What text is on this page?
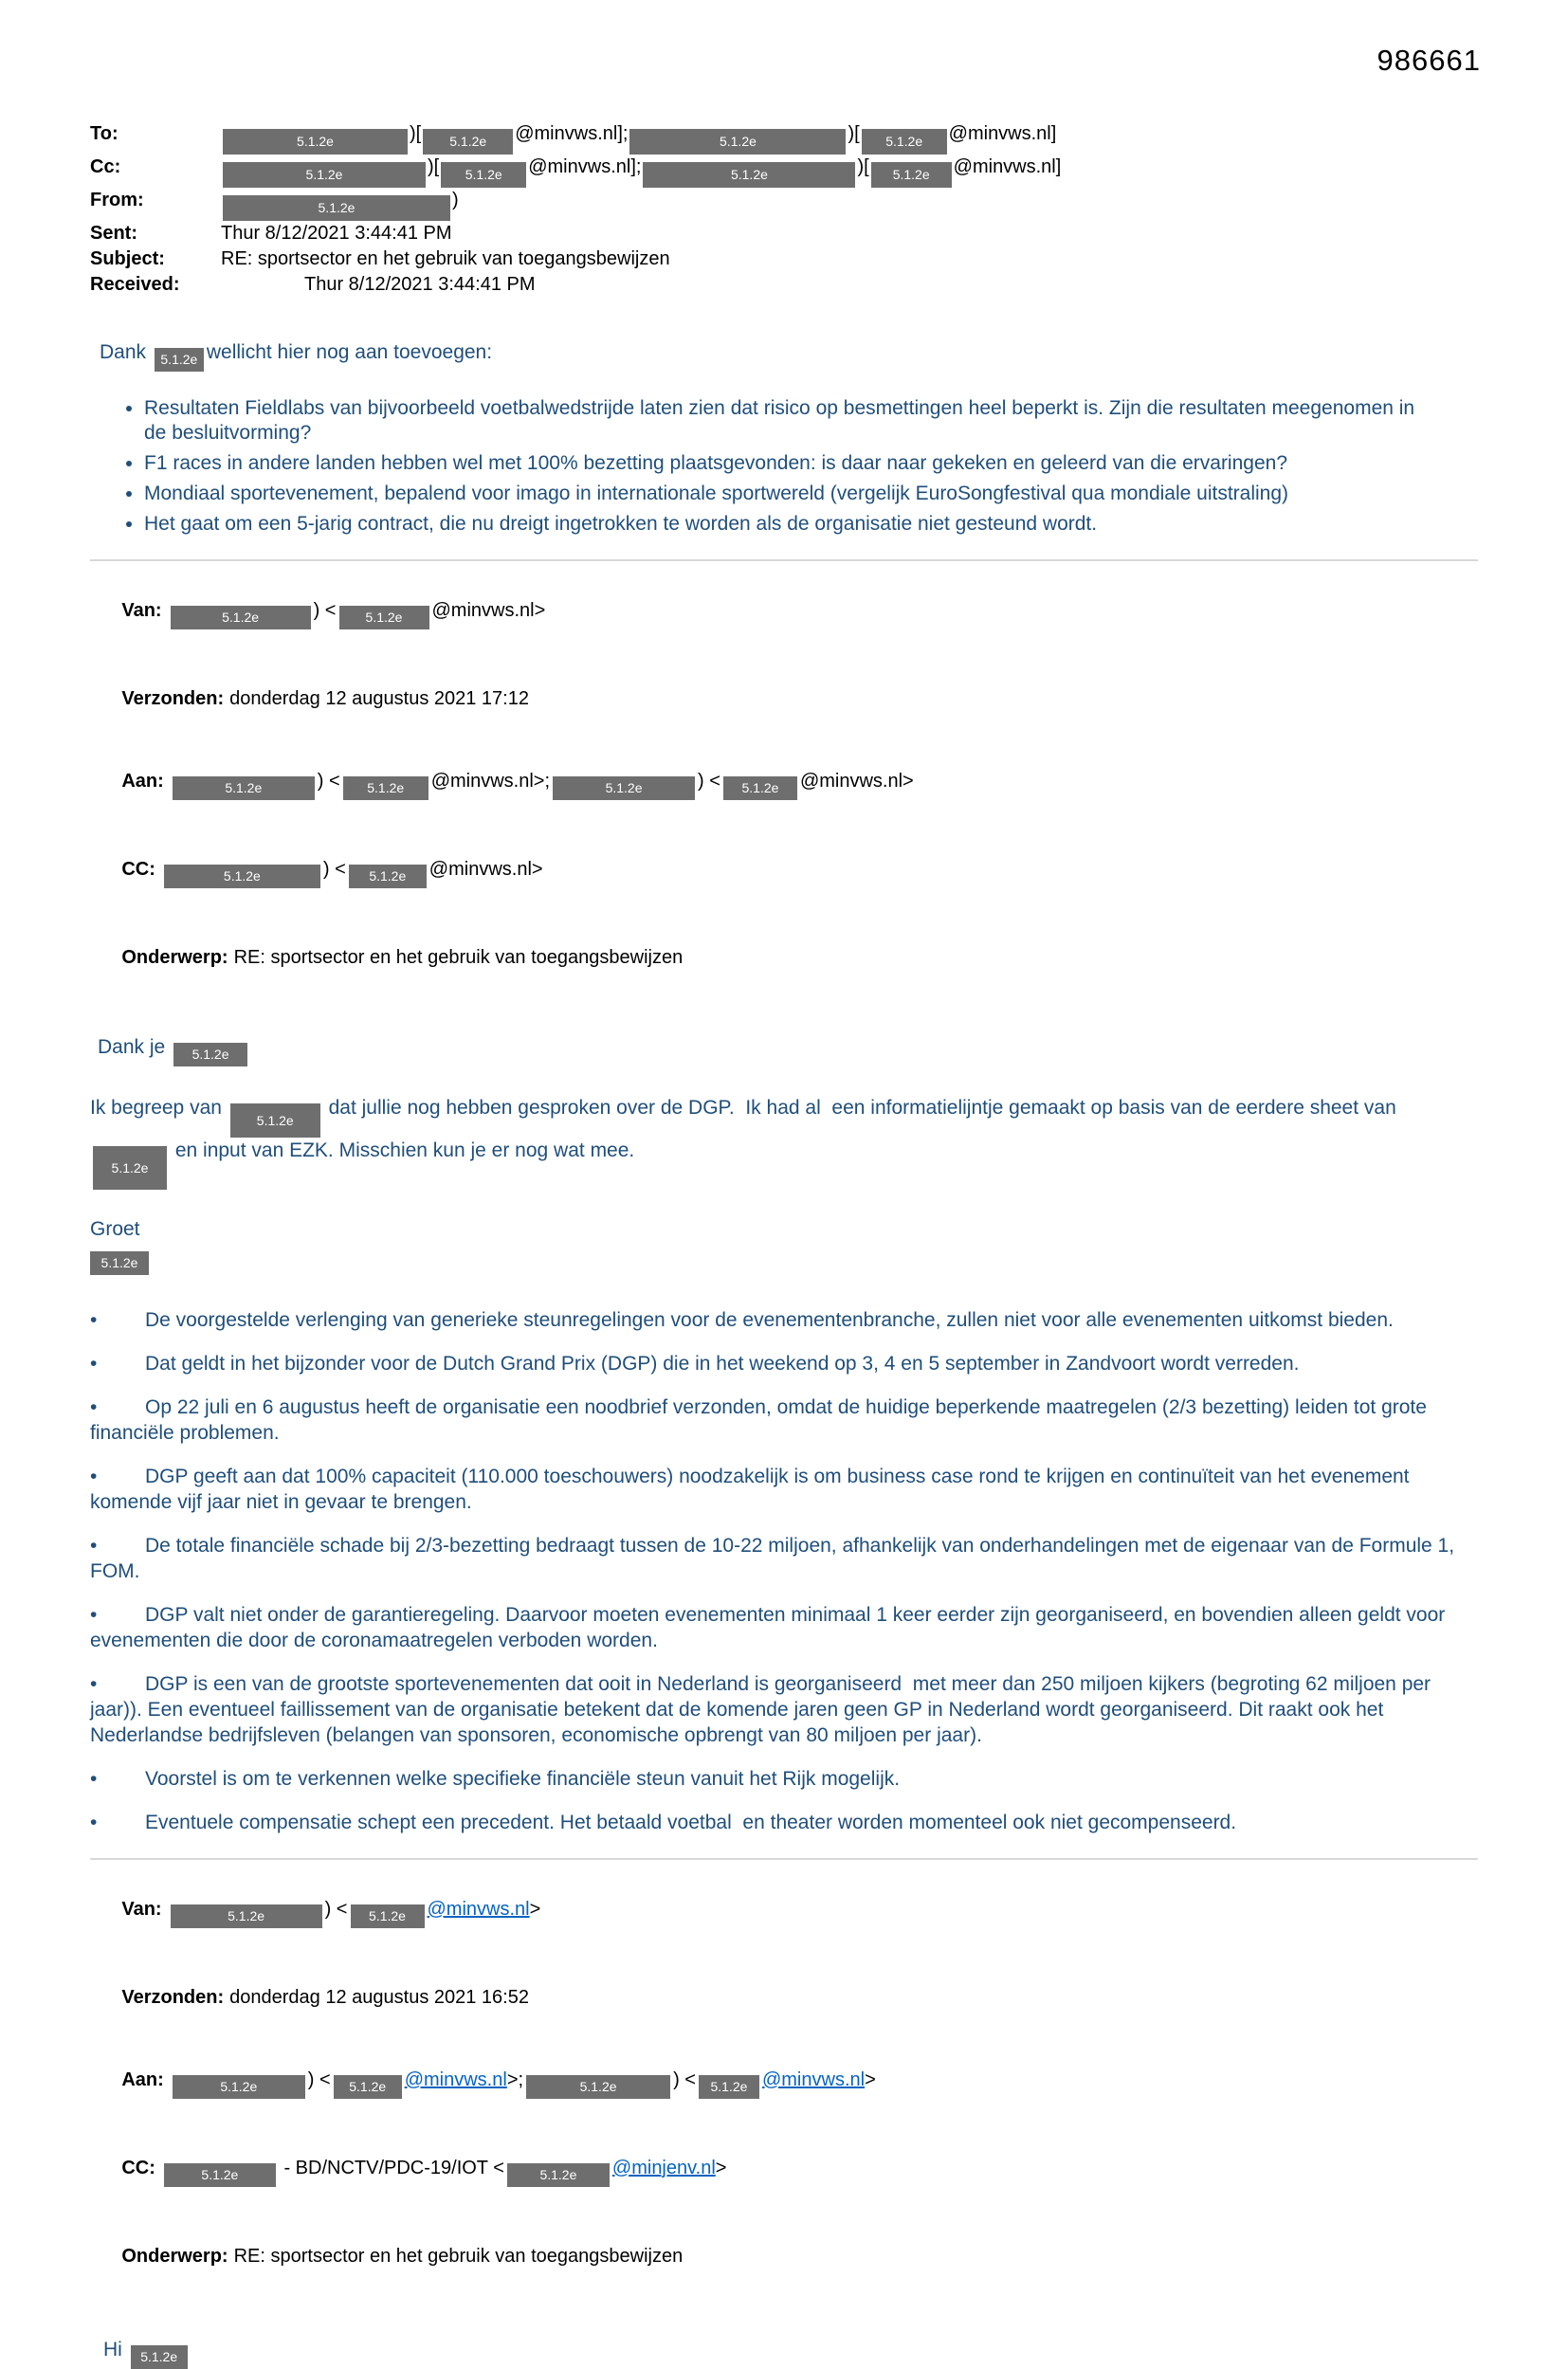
986661
To:	5.1.2e	)[ 5.1.2e @minvws.nl];	5.1.2e	)[ 5.1.2e @minvws.nl]
Cc:	5.1.2e	)[ 5.1.2e @minvws.nl];	5.1.2e	)[ 5.1.2e @minvws.nl]
From:	5.1.2e	)
Sent:	Thur 8/12/2021 3:44:41 PM
Subject:	RE: sportsector en het gebruik van toegangsbewijzen
Received:	Thur 8/12/2021 3:44:41 PM
Dank 5.1.2e wellicht hier nog aan toevoegen:
• Resultaten Fieldlabs van bijvoorbeeld voetbalwedstrijde laten zien dat risico op besmettingen heel beperkt is. Zijn die resultaten meegenomen in de besluitvorming?
• F1 races in andere landen hebben wel met 100% bezetting plaatsgevonden: is daar naar gekeken en geleerd van die ervaringen?
• Mondiaal sportevenement, bepalend voor imago in internationale sportwereld (vergelijk EuroSongfestival qua mondiale uitstraling)
• Het gaat om een 5-jarig contract, die nu dreigt ingetrokken te worden als de organisatie niet gesteund wordt.

Van:	5.1.2e	) < 5.1.2e @minvws.nl>

Verzonden: donderdag 12 augustus 2021 17:12

Aan:	5.1.2e	) < 5.1.2e @minvws.nl>;	5.1.2e	) < 5.1.2e @minvws.nl>

CC:	5.1.2e	) < 5.1.2e @minvws.nl>

Onderwerp: RE: sportsector en het gebruik van toegangsbewijzen

Dank je 5.1.2e
Ik begreep van 5.1.2e dat jullie nog hebben gesproken over de DGP.  Ik had al  een informatielijntje gemaakt op basis van de eerdere sheet van 5.1.2e en input van EZK. Misschien kun je er nog wat mee.
Groet
5.1.2e

• De voorgestelde verlenging van generieke steunregelingen voor de evenementenbranche, zullen niet voor alle evenementen uitkomst bieden.

• Dat geldt in het bijzonder voor de Dutch Grand Prix (DGP) die in het weekend op 3, 4 en 5 september in Zandvoort wordt verreden.

• Op 22 juli en 6 augustus heeft de organisatie een noodbrief verzonden, omdat de huidige beperkende maatregelen (2/3 bezetting) leiden tot grote financiële problemen.

• DGP geeft aan dat 100% capaciteit (110.000 toeschouwers) noodzakelijk is om business case rond te krijgen en continuïteit van het evenement komende vijf jaar niet in gevaar te brengen.

• De totale financiële schade bij 2/3-bezetting bedraagt tussen de 10-22 miljoen, afhankelijk van onderhandelingen met de eigenaar van de Formule 1, FOM.

• DGP valt niet onder de garantieregeling. Daarvoor moeten evenementen minimaal 1 keer eerder zijn georganiseerd, en bovendien alleen geldt voor evenementen die door de coronamaatregelen verboden worden.

• DGP is een van de grootste sportevenementen dat ooit in Nederland is georganiseerd  met meer dan 250 miljoen kijkers (begroting 62 miljoen per jaar)). Een eventueel faillissement van de organisatie betekent dat de komende jaren geen GP in Nederland wordt georganiseerd. Dit raakt ook het Nederlandse bedrijfsleven (belangen van sponsoren, economische opbrengt van 80 miljoen per jaar).

• Voorstel is om te verkennen welke specifieke financiële steun vanuit het Rijk mogelijk.

• Eventuele compensatie schept een precedent. Het betaald voetbal  en theater worden momenteel ook niet gecompenseerd.

Van:	5.1.2e	) < 5.1.2e @minvws.nl>

Verzonden: donderdag 12 augustus 2021 16:52

Aan:	5.1.2e	) < 5.1.2e @minvws.nl>;	5.1.2e	) < 5.1.2e @minvws.nl>

CC:	5.1.2e - BD/NCTV/PDC-19/IOT <	5.1.2e @minjenv.nl>

Onderwerp: RE: sportsector en het gebruik van toegangsbewijzen

Hi 5.1.2e
